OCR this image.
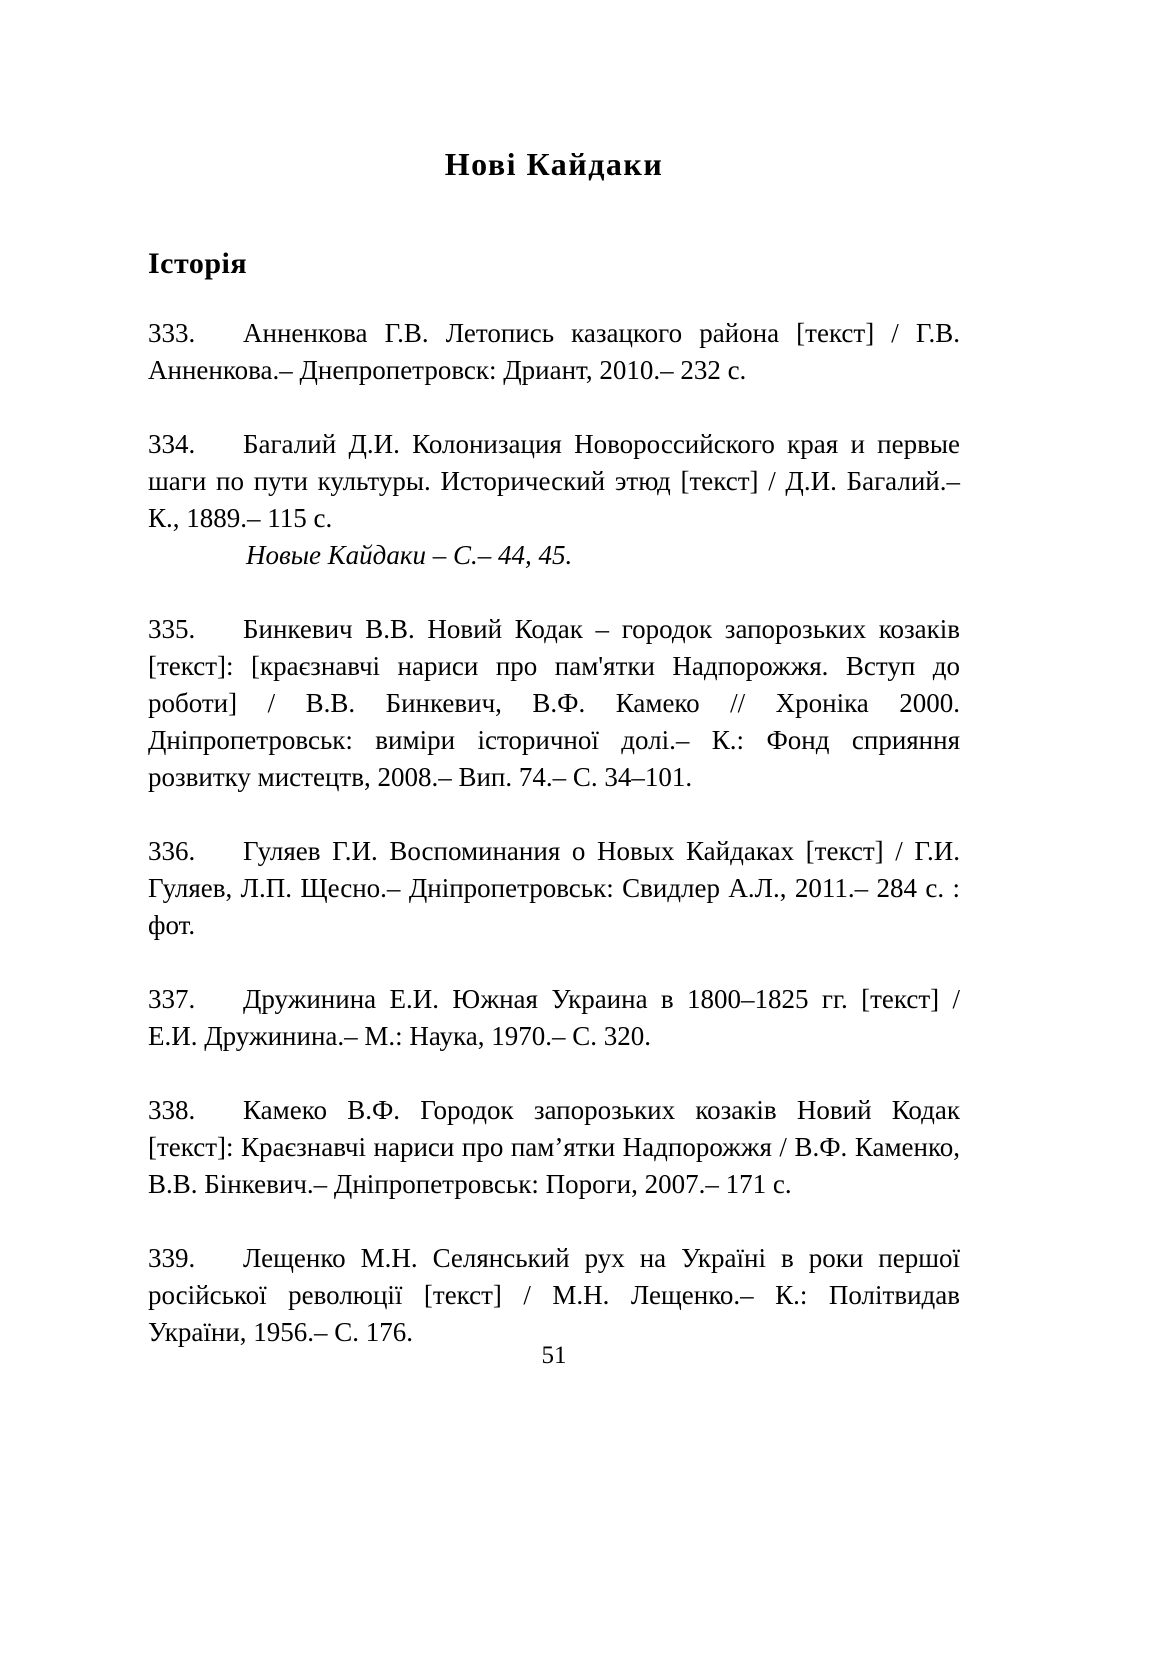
Нові Кайдаки
Історія

333. Анненкова Г.В. Летопись казацкого района [текст] / Г.В. Анненкова.– Днепропетровск: Дриант, 2010.– 232 с.

334. Багалий Д.И. Колонизация Новороссийского края и первые шаги по пути культуры. Исторический этюд [текст] / Д.И. Багалий.– К., 1889.– 115 с.

Новые Кайдаки – С.– 44, 45.

335. Бинкевич В.В. Новий Кодак – городок запорозьких козаків [текст]: [краєзнавчі нариси про пам'ятки Надпорожжя. Вступ до роботи] / В.В. Бинкевич, В.Ф. Камеко // Хроніка 2000. Дніпропетровськ: виміри історичної долі.– К.: Фонд сприяння розвитку мистецтв, 2008.– Вип. 74.– С. 34–101.

336. Гуляев Г.И. Воспоминания о Новых Кайдаках [текст] / Г.И. Гуляев, Л.П. Щесно.– Дніпропетровськ: Свидлер А.Л., 2011.– 284 с. : фот.

337. Дружинина Е.И. Южная Украина в 1800–1825 гг. [текст] / Е.И. Дружинина.– М.: Наука, 1970.– С. 320.

338. Камеко В.Ф. Городок запорозьких козаків Новий Кодак [текст]: Краєзнавчі нариси про пам’ятки Надпорожжя / В.Ф. Каменко, В.В. Бінкевич.– Дніпропетровськ: Пороги, 2007.– 171 с.

339. Лещенко М.Н. Селянський рух на Україні в роки першої російської революції [текст] / М.Н. Лещенко.– К.: Політвидав України, 1956.– С. 176.

51
